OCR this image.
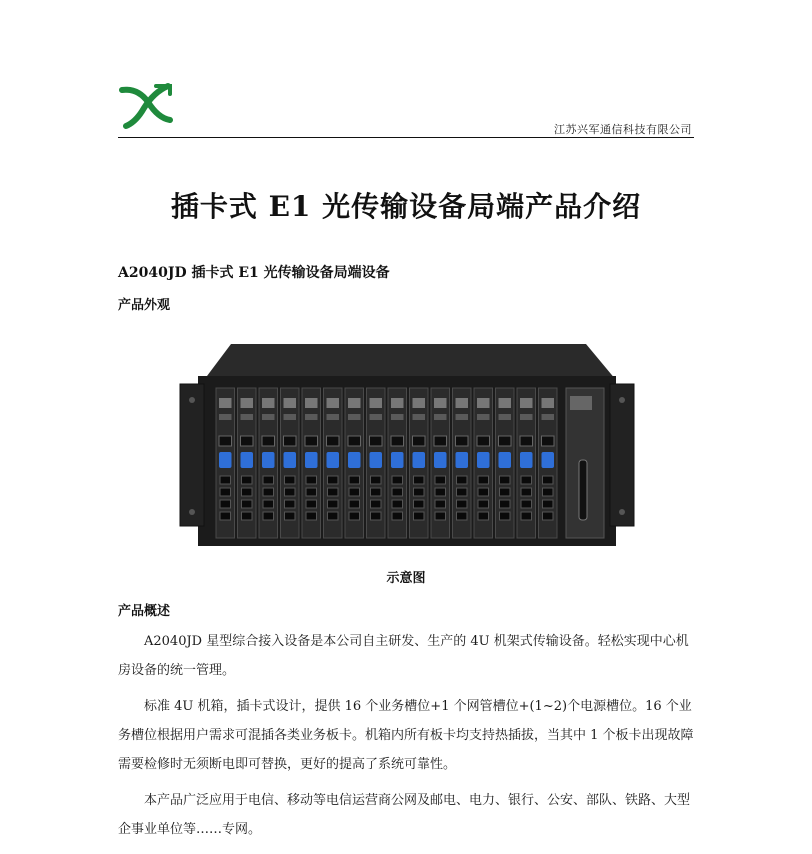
江苏兴军通信科技有限公司
插卡式 E1 光传输设备局端产品介绍
A2040JD 插卡式 E1 光传输设备局端设备
产品外观
示意图
产品概述
A2040JD 星型综合接入设备是本公司自主研发、生产的 4U 机架式传输设备。轻松实现中心机房设备的统一管理。
标准 4U 机箱，插卡式设计，提供 16 个业务槽位+1 个网管槽位+(1~2)个电源槽位。16 个业务槽位根据用户需求可混插各类业务板卡。机箱内所有板卡均支持热插拔，当其中 1 个板卡出现故障需要检修时无须断电即可替换，更好的提高了系统可靠性。
本产品广泛应用于电信、移动等电信运营商公网及邮电、电力、银行、公安、部队、铁路、大型企事业单位等……专网。
